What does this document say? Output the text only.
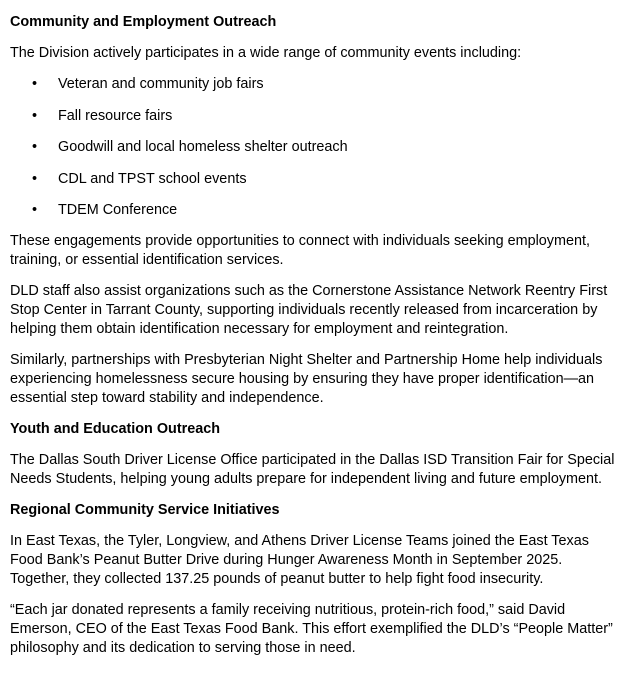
Community and Employment Outreach

The Division actively participates in a wide range of community events including:

• Veteran and community job fairs
• Fall resource fairs
• Goodwill and local homeless shelter outreach
• CDL and TPST school events
• TDEM Conference

These engagements provide opportunities to connect with individuals seeking employment, training, or essential identification services.

DLD staff also assist organizations such as the Cornerstone Assistance Network Reentry First Stop Center in Tarrant County, supporting individuals recently released from incarceration by helping them obtain identification necessary for employment and reintegration.

Similarly, partnerships with Presbyterian Night Shelter and Partnership Home help individuals experiencing homelessness secure housing by ensuring they have proper identification—an essential step toward stability and independence.

Youth and Education Outreach

The Dallas South Driver License Office participated in the Dallas ISD Transition Fair for Special Needs Students, helping young adults prepare for independent living and future employment.

Regional Community Service Initiatives

In East Texas, the Tyler, Longview, and Athens Driver License Teams joined the East Texas Food Bank’s Peanut Butter Drive during Hunger Awareness Month in September 2025. Together, they collected 137.25 pounds of peanut butter to help fight food insecurity.

“Each jar donated represents a family receiving nutritious, protein-rich food,” said David Emerson, CEO of the East Texas Food Bank. This effort exemplified the DLD’s “People Matter” philosophy and its dedication to serving those in need.
